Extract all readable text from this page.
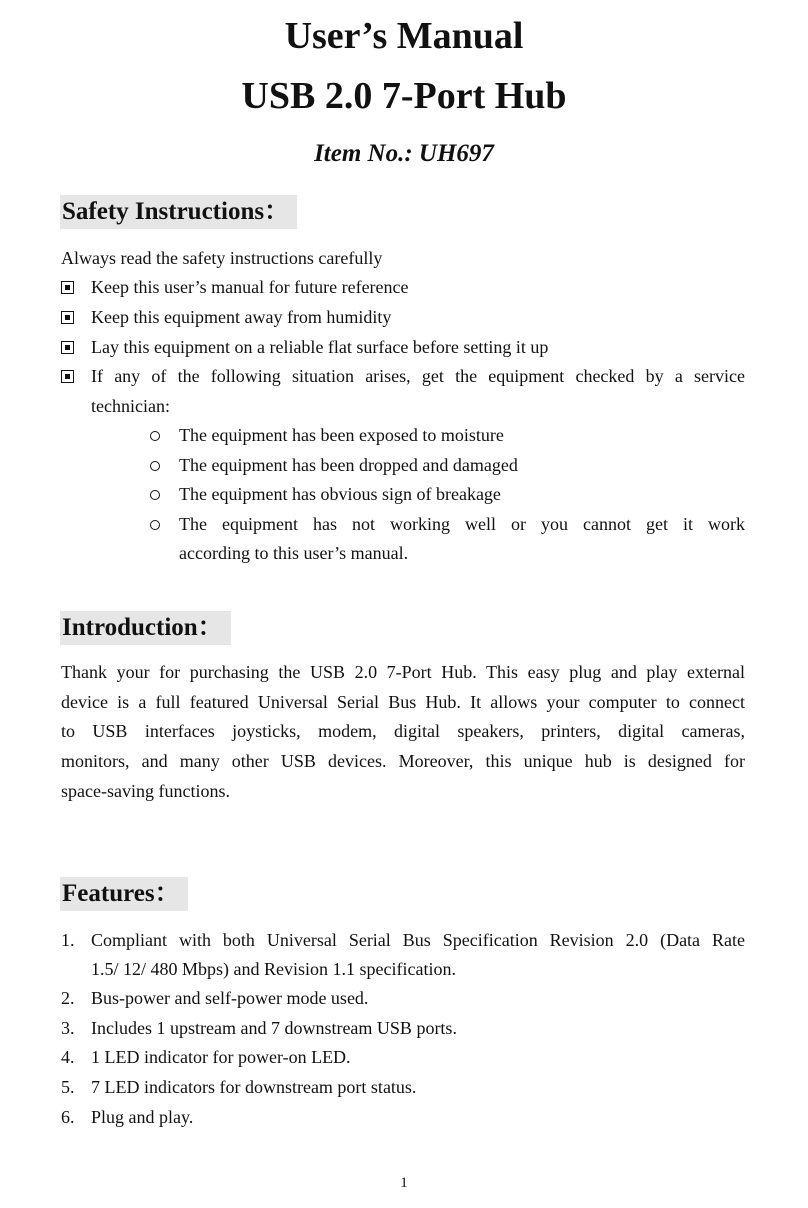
User’s Manual
USB 2.0 7-Port Hub

Item No.: UH697

Safety Instructions：

Always read the safety instructions carefully

Keep this user’s manual for future reference

Keep this equipment away from humidity

Lay this equipment on a reliable flat surface before setting it up

If any of the following situation arises, get the equipment checked by a service

technician:

The equipment has been exposed to moisture

The equipment has been dropped and damaged

The equipment has obvious sign of breakage

The equipment has not working well or you cannot get it work

according to this user’s manual.

Introduction：

Thank your for purchasing the USB 2.0 7-Port Hub. This easy plug and play external

device is a full featured Universal Serial Bus Hub. It allows your computer to connect

to USB interfaces joysticks, modem, digital speakers, printers, digital cameras,

monitors, and many other USB devices. Moreover, this unique hub is designed for

space-saving functions.

Features：

1. Compliant with both Universal Serial Bus Specification Revision 2.0 (Data Rate

1.5/ 12/ 480 Mbps) and Revision 1.1 specification.

2. Bus-power and self-power mode used.

3. Includes 1 upstream and 7 downstream USB ports.

4. 1 LED indicator for power-on LED.

5. 7 LED indicators for downstream port status.

6. Plug and play.

1
